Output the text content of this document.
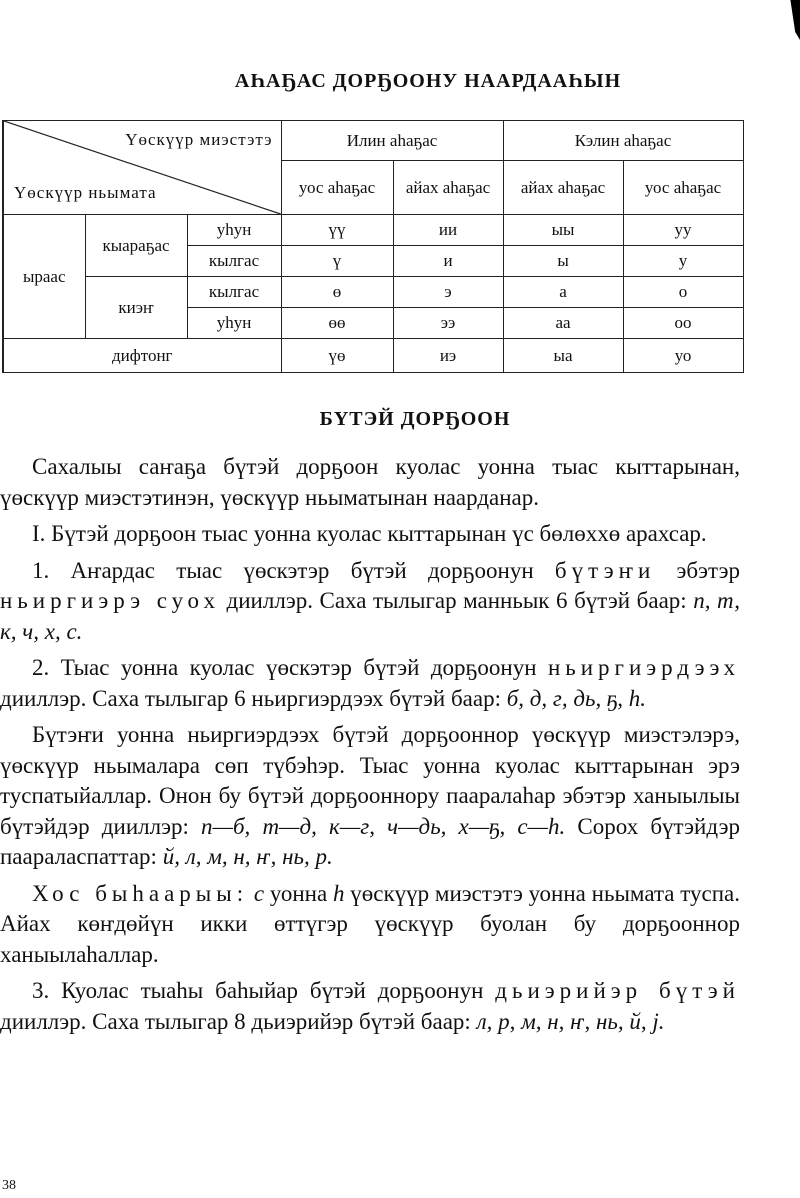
АҺАҔАС ДОРҔООНУ НААРДААҺЫН
Үөскүүр миэстэтэ
Үөскүүр ньымата			Илин аһаҕас		Кэлин аһаҕас	
			уос аһаҕас	айах аһаҕас	айах аһаҕас	уос аһаҕас
ыраас	кыараҕас	уһун	үү	ии	ыы	уу
		кылгас	ү	и	ы	у
	киэҥ	кылгас	ө	э	а	о
		уһун	өө	ээ	аа	оо
дифтонг			үө	иэ	ыа	уо
БҮТЭЙ ДОРҔООН

Сахалыы саҥаҕа бүтэй дорҕоон куолас уонна тыас кыттарынан, үөскүүр миэстэтинэн, үөскүүр ньыматынан наарданар.

I. Бүтэй дорҕоон тыас уонна куолас кыттарынан үс бөлөххө арахсар.

1. Аҥардас тыас үөскэтэр бүтэй дорҕоонун бүтэҥи эбэтэр ньиргиэрэ суох дииллэр. Саха тылыгар манньык 6 бүтэй баар: п, т, к, ч, х, с.

2. Тыас уонна куолас үөскэтэр бүтэй дорҕоонун ньиргиэрдээх дииллэр. Саха тылыгар 6 ньиргиэрдээх бүтэй баар: б, д, г, дь, ҕ, һ.

Бүтэҥи уонна ньиргиэрдээх бүтэй дорҕооннор үөскүүр миэстэлэрэ, үөскүүр ньымалара сөп түбэһэр. Тыас уонна куолас кыттарынан эрэ туспатыйаллар. Онон бу бүтэй дорҕооннору пааралаһар эбэтэр ханыылыы бүтэйдэр дииллэр: п—б, т—д, к—г, ч—дь, х—ҕ, с—һ. Сорох бүтэйдэр паараласпаттар: й, л, м, н, ҥ, нь, р.

Хос быһаарыы: с уонна һ үөскүүр миэстэтэ уонна ньымата туспа. Айах көҥдөйүн икки өттүгэр үөскүүр буолан бу дорҕооннор ханыылаһаллар.

3. Куолас тыаһы баһыйар бүтэй дорҕоонун дьиэрийэр бүтэй дииллэр. Саха тылыгар 8 дьиэрийэр бүтэй баар: л, р, м, н, ҥ, нь, й, ј.

38
